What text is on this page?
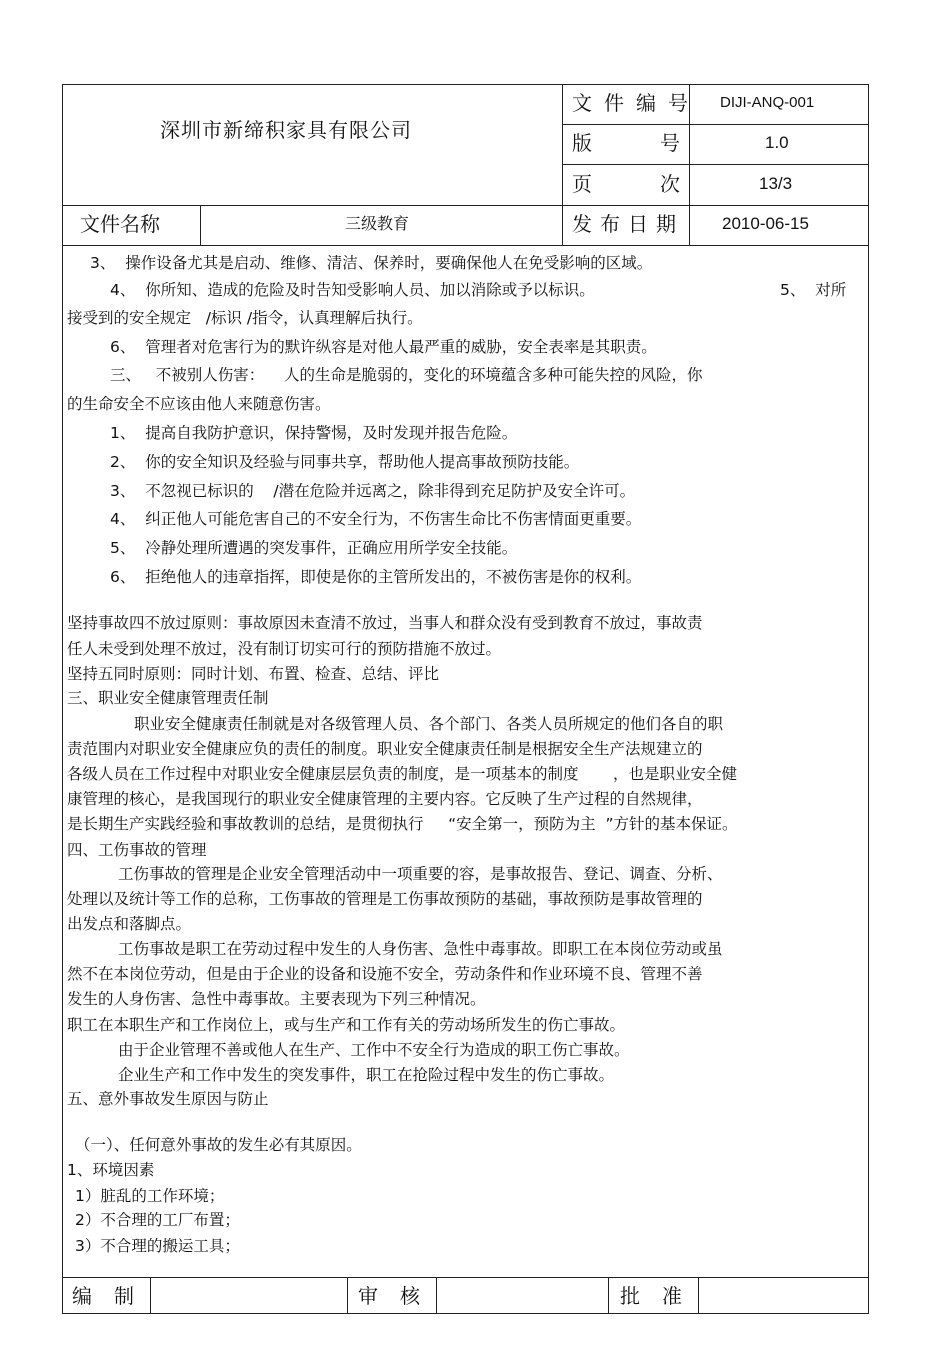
深圳市新缔积家具有限公司
文件编号 DIJI-ANQ-001
版号 1.0
页次 13/3
文件名称	三级教育	发布日期 2010-06-15
3、  操作设备尤其是启动、维修、清洁、保养时，要确保他人在免受影响的区域。
4、  你所知、造成的危险及时告知受影响人员、加以消除或予以标识。	5、  对所
接受到的安全规定   /标识 /指令，认真理解后执行。
6、  管理者对危害行为的默许纵容是对他人最严重的威胁，安全表率是其职责。
三、   不被别人伤害：    人的生命是脆弱的，变化的环境蕴含多种可能失控的风险，你
的生命安全不应该由他人来随意伤害。
1、  提高自我防护意识，保持警惕，及时发现并报告危险。
2、  你的安全知识及经验与同事共享，帮助他人提高事故预防技能。
3、  不忽视已标识的    /潜在危险并远离之，除非得到充足防护及安全许可。
4、  纠正他人可能危害自己的不安全行为，不伤害生命比不伤害情面更重要。
5、  冷静处理所遭遇的突发事件，正确应用所学安全技能。
6、  拒绝他人的违章指挥，即使是你的主管所发出的，不被伤害是你的权利。
坚持事故四不放过原则：事故原因未查清不放过，当事人和群众没有受到教育不放过，事故责
任人未受到处理不放过，没有制订切实可行的预防措施不放过。
坚持五同时原则：同时计划、布置、检查、总结、评比
三、职业安全健康管理责任制
职业安全健康责任制就是对各级管理人员、各个部门、各类人员所规定的他们各自的职
责范围内对职业安全健康应负的责任的制度。职业安全健康责任制是根据安全生产法规建立的
各级人员在工作过程中对职业安全健康层层负责的制度，是一项基本的制度       ，也是职业安全健
康管理的核心，是我国现行的职业安全健康管理的主要内容。它反映了生产过程的自然规律，
是长期生产实践经验和事故教训的总结，是贯彻执行     “安全第一，预防为主  ”方针的基本保证。
四、工伤事故的管理
工伤事故的管理是企业安全管理活动中一项重要的容，是事故报告、登记、调查、分析、
处理以及统计等工作的总称，工伤事故的管理是工伤事故预防的基础，事故预防是事故管理的
出发点和落脚点。
工伤事故是职工在劳动过程中发生的人身伤害、急性中毒事故。即职工在本岗位劳动或虽
然不在本岗位劳动，但是由于企业的设备和设施不安全，劳动条件和作业环境不良、管理不善
发生的人身伤害、急性中毒事故。主要表现为下列三种情况。
职工在本职生产和工作岗位上，或与生产和工作有关的劳动场所发生的伤亡事故。
由于企业管理不善或他人在生产、工作中不安全行为造成的职工伤亡事故。
企业生产和工作中发生的突发事件，职工在抢险过程中发生的伤亡事故。
五、意外事故发生原因与防止
（一）、任何意外事故的发生必有其原因。
1、环境因素
1）脏乱的工作环境；
2）不合理的工厂布置；
3）不合理的搬运工具；
编制	审核	批准
